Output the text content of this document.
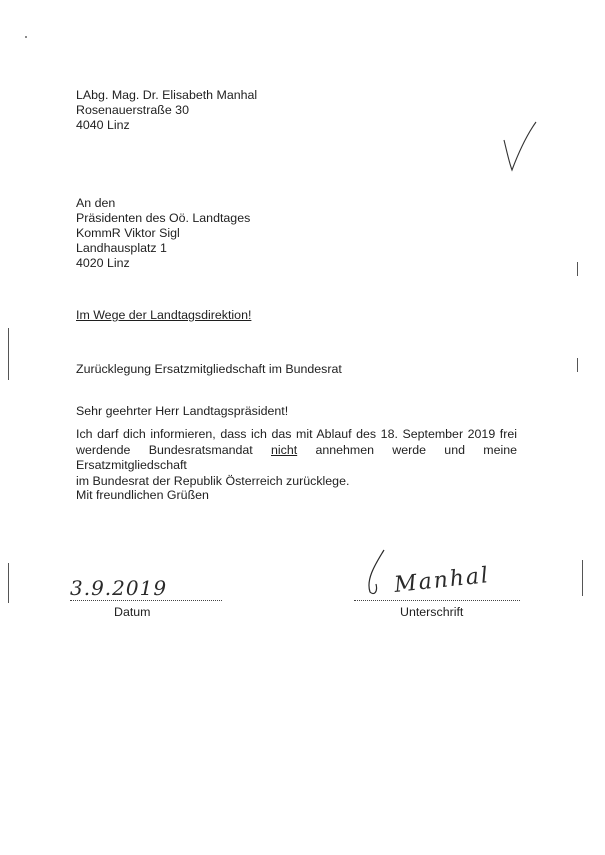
LAbg. Mag. Dr. Elisabeth Manhal
Rosenauerstraße 30
4040 Linz
An den
Präsidenten des Oö. Landtages
KommR Viktor Sigl
Landhausplatz 1
4020 Linz
Im Wege der Landtagsdirektion!
Zurücklegung Ersatzmitgliedschaft im Bundesrat
Sehr geehrter Herr Landtagspräsident!
Ich darf dich informieren, dass ich das mit Ablauf des 18. September 2019 frei
werdende Bundesratsmandat nicht annehmen werde und meine Ersatzmitgliedschaft
im Bundesrat der Republik Österreich zurücklege.
Mit freundlichen Grüßen
3.9.2019
Datum
Manhal
Unterschrift
